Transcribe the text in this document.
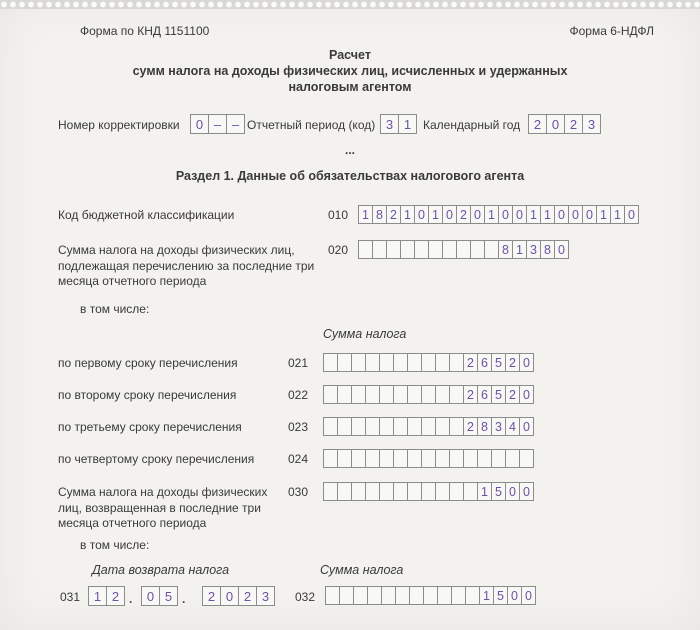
Форма по КНД 1151100	Форма 6-НДФЛ
Расчет
сумм налога на доходы физических лиц, исчисленных и удержанных
налоговым агентом
Номер корректировки	0 – – Отчетный период (код) 3 1 Календарный год	2 0 2 3
...
Раздел 1. Данные об обязательствах налогового агента
Код бюджетной классификации	010	1 8 2 1 0 1 0 2 0 1 0 0 1 1 0 0 0 1 1 0
Сумма налога на доходы физических лиц,
подлежащая перечислению за последние три
месяца отчетного периода
020	8 1 3 8 0
в том числе:
Сумма налога
по первому сроку перечисления	021	2 6 5 2 0
по второму сроку перечисления	022	2 6 5 2 0
по третьему сроку перечисления	023	2 8 3 4 0
по четвертому сроку перечисления	024
Сумма налога на доходы физических
лиц, возвращенная в последние три
месяца отчетного периода
030	1 5 0 0
в том числе:
Дата возврата налога	Сумма налога
031	1 2 .	0 5 .	2 0 2 3	032	1 5 0 0
